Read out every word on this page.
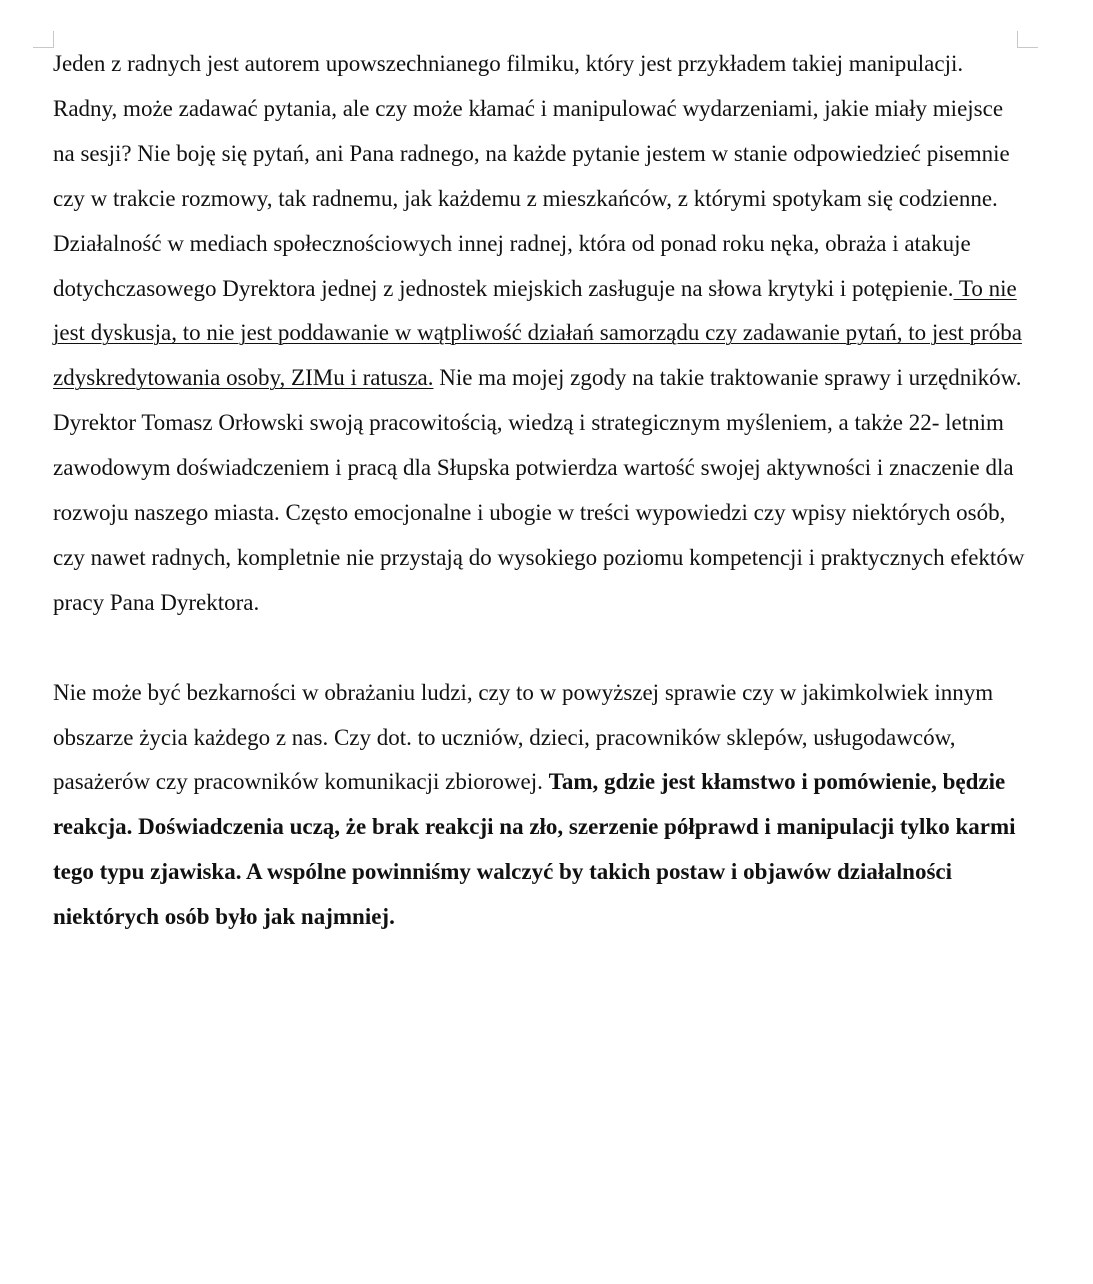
Jeden z radnych jest autorem upowszechnianego filmiku, który jest przykładem takiej manipulacji. Radny, może zadawać pytania, ale czy może kłamać i manipulować wydarzeniami, jakie miały miejsce na sesji? Nie boję się pytań, ani Pana radnego, na każde pytanie jestem w stanie odpowiedzieć pisemnie czy w trakcie rozmowy, tak radnemu, jak każdemu z mieszkańców, z którymi spotykam się codzienne. Działalność w mediach społecznościowych innej radnej, która od ponad roku nęka, obraża i atakuje dotychczasowego Dyrektora jednej z jednostek miejskich zasługuje na słowa krytyki i potępienie. To nie jest dyskusja, to nie jest poddawanie w wątpliwość działań samorządu czy zadawanie pytań, to jest próba zdyskredytowania osoby, ZIMu i ratusza. Nie ma mojej zgody na takie traktowanie sprawy i urzędników. Dyrektor Tomasz Orłowski swoją pracowitością, wiedzą i strategicznym myśleniem, a także 22- letnim zawodowym doświadczeniem i pracą dla Słupska potwierdza wartość swojej aktywności i znaczenie dla rozwoju naszego miasta. Często emocjonalne i ubogie w treści wypowiedzi czy wpisy niektórych osób, czy nawet radnych, kompletnie nie przystają do wysokiego poziomu kompetencji i praktycznych efektów pracy Pana Dyrektora.

Nie może być bezkarności w obrażaniu ludzi, czy to w powyższej sprawie czy w jakimkolwiek innym obszarze życia każdego z nas. Czy dot. to uczniów, dzieci, pracowników sklepów, usługodawców, pasażerów czy pracowników komunikacji zbiorowej. Tam, gdzie jest kłamstwo i pomówienie, będzie reakcja. Doświadczenia uczą, że brak reakcji na zło, szerzenie półprawd i manipulacji tylko karmi tego typu zjawiska. A wspólne powinniśmy walczyć by takich postaw i objawów działalności niektórych osób było jak najmniej.
